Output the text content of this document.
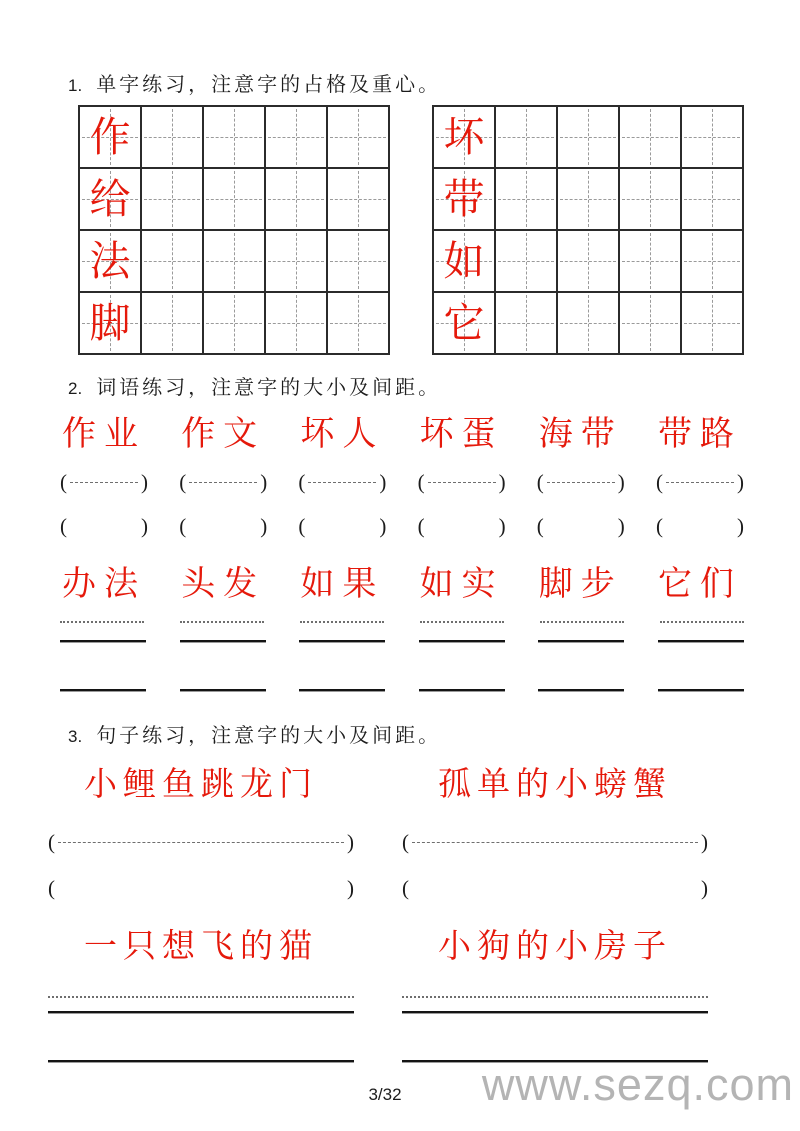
1. 单字练习，注意字的占格及重心。
作
给
法
脚
坏
带
如
它
2. 词语练习，注意字的大小及间距。
作业 作文 坏人 坏蛋 海带 带路
(	) (	) (	) (	) (	) (	)
(	) (	) (	) (	) (	) (	)
办法 头发 如果 如实 脚步 它们
3. 句子练习，注意字的大小及间距。
小鲤鱼跳龙门	孤单的小螃蟹
(	) (	)
(	) (	)
一只想飞的猫	小狗的小房子
3/32	www.sezq.com
